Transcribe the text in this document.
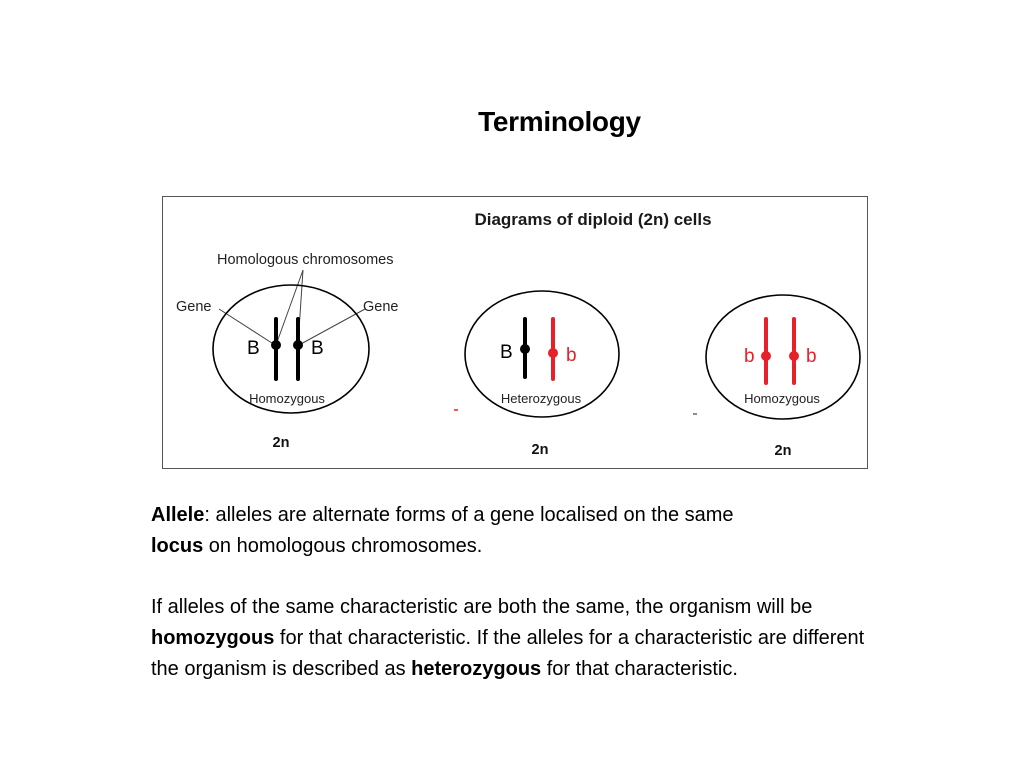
Terminology
Diagrams of diploid (2n) cells
Homologous chromosomes
Gene	Gene
B	B
Homozygous
2n
B	b
Heterozygous
2n
b	b
Homozygous
2n

Allele: alleles are alternate forms of a gene localised on the same
locus on homologous chromosomes.

If alleles of the same characteristic are both the same, the organism will be homozygous for that characteristic. If the alleles for a characteristic are different the organism is described as heterozygous for that characteristic.
